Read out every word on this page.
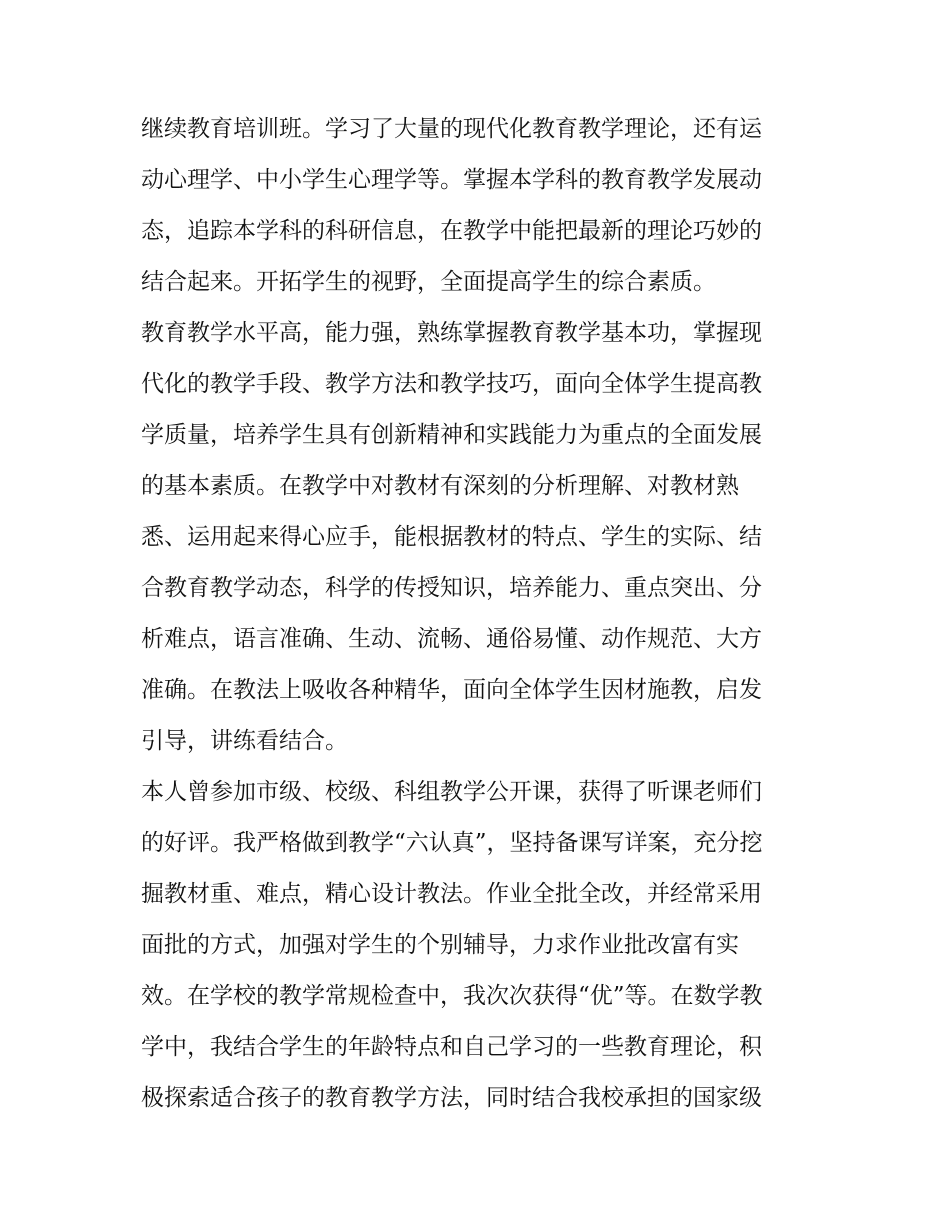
继续教育培训班。学习了大量的现代化教育教学理论，还有运
动心理学、中小学生心理学等。掌握本学科的教育教学发展动
态，追踪本学科的科研信息，在教学中能把最新的理论巧妙的
结合起来。开拓学生的视野，全面提高学生的综合素质。
教育教学水平高，能力强，熟练掌握教育教学基本功，掌握现
代化的教学手段、教学方法和教学技巧，面向全体学生提高教
学质量，培养学生具有创新精神和实践能力为重点的全面发展
的基本素质。在教学中对教材有深刻的分析理解、对教材熟
悉、运用起来得心应手，能根据教材的特点、学生的实际、结
合教育教学动态，科学的传授知识，培养能力、重点突出、分
析难点，语言准确、生动、流畅、通俗易懂、动作规范、大方
准确。在教法上吸收各种精华，面向全体学生因材施教，启发
引导，讲练看结合。
本人曾参加市级、校级、科组教学公开课，获得了听课老师们
的好评。我严格做到教学“六认真”，坚持备课写详案，充分挖
掘教材重、难点，精心设计教法。作业全批全改，并经常采用
面批的方式，加强对学生的个别辅导，力求作业批改富有实
效。在学校的教学常规检查中，我次次获得“优”等。在数学教
学中，我结合学生的年龄特点和自己学习的一些教育理论，积
极探索适合孩子的教育教学方法，同时结合我校承担的国家级
